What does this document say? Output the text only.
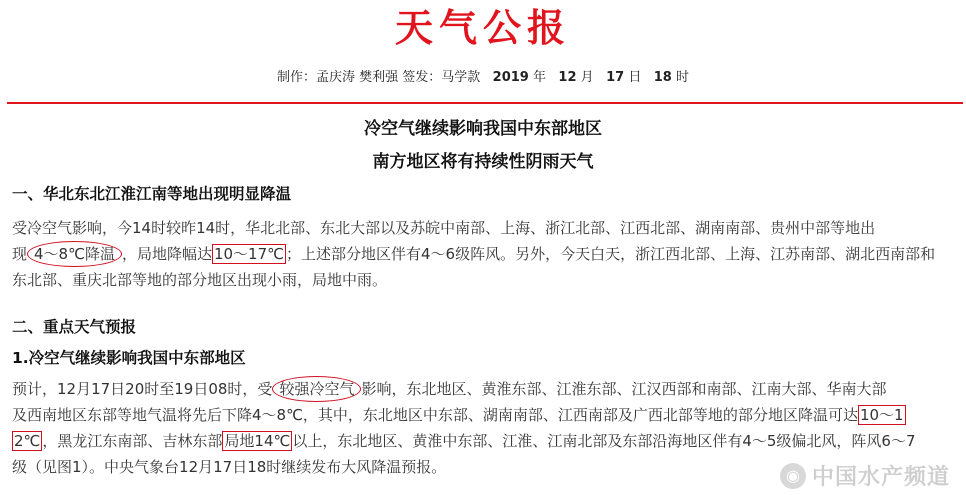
天气公报
制作：孟庆涛 樊利强 签发：马学款 2019 年 12 月 17 日 18 时
冷空气继续影响我国中东部地区
南方地区将有持续性阴雨天气
一、华北东北江淮江南等地出现明显降温
受冷空气影响，今14时较昨14时，华北北部、东北大部以及苏皖中南部、上海、浙江北部、江西北部、湖南南部、贵州中部等地出
现 4～8℃降温 ，局地降幅达 10～17℃ ；上述部分地区伴有4～6级阵风。另外，今天白天，浙江西北部、上海、江苏南部、湖北西南部和
东北部、重庆北部等地的部分地区出现小雨，局地中雨。
二、重点天气预报
1.冷空气继续影响我国中东部地区
预计，12月17日20时至19日08时，受 较强冷空气 影响，东北地区、黄淮东部、江淮东部、江汉西部和南部、江南大部、华南大部
及西南地区东部等地气温将先后下降4～8℃，其中，东北地区中东部、湖南南部、江西南部及广西北部等地的部分地区降温可达 10～1
2℃ ，黑龙江东南部、吉林东部 局地14℃ 以上，东北地区、黄淮中东部、江淮、江南北部及东部沿海地区伴有4～5级偏北风，阵风6～7
级（见图1）。中央气象台12月17日18时继续发布大风降温预报。	◉ 中国水产频道
